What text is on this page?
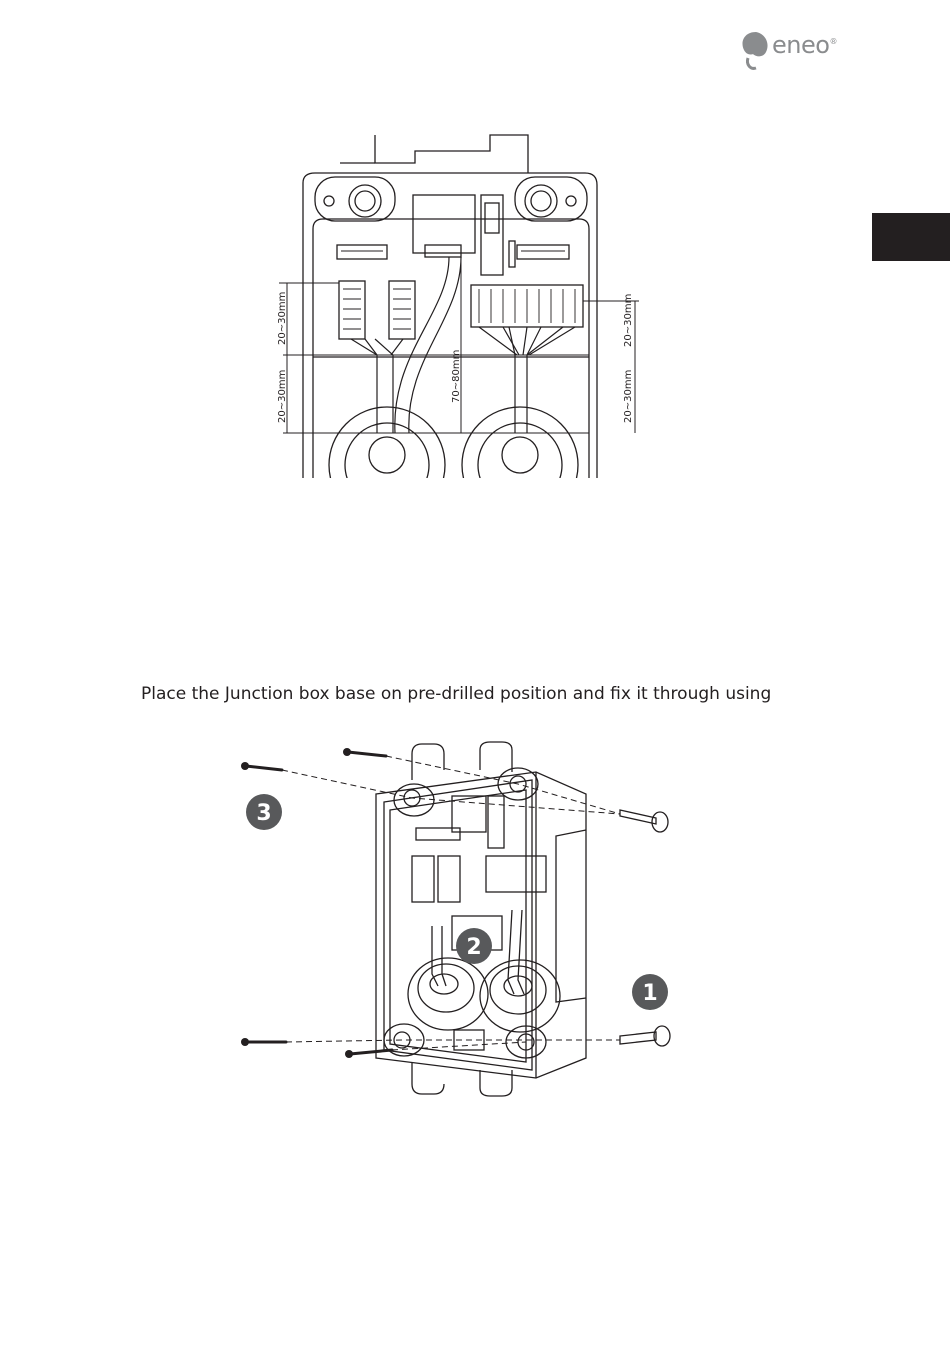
eneo®
20~30mm
20~30mm	70~80mm
20~30mm
20~30mm
Place the Junction box base on pre-drilled position and fix it through using
3
2
1
